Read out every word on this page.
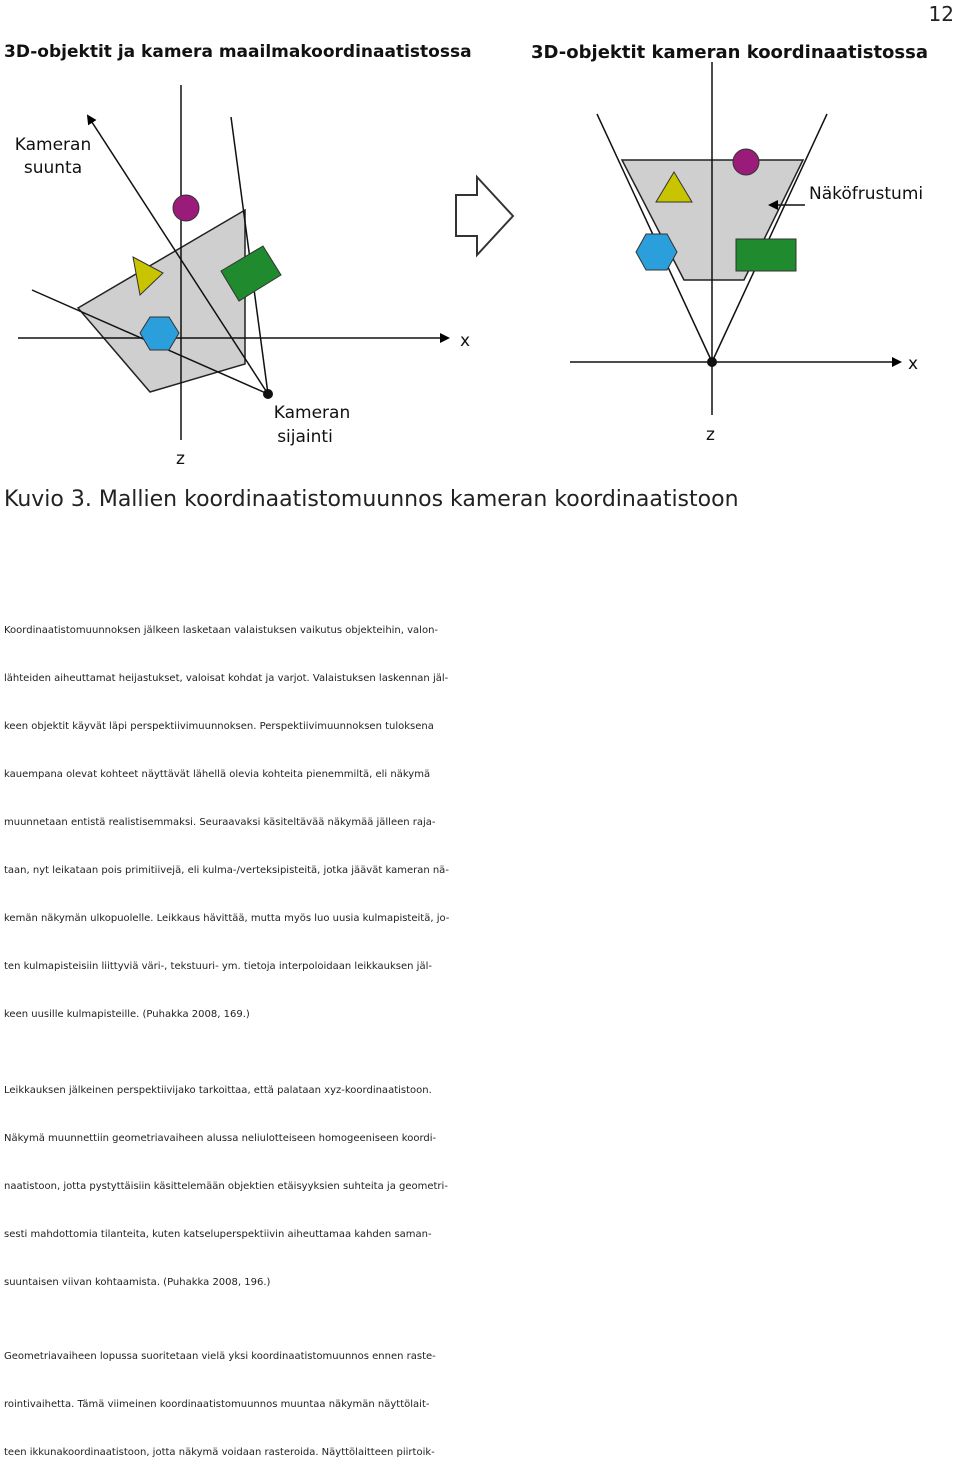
12
3D-objektit ja kamera maailmakoordinaatistossa	3D-objektit kameran koordinaatistossa
Kameran
suunta
Kameran
sijainti
x
z
Näköfrustumi
x
z
Kuvio 3. Mallien koordinaatistomuunnos kameran koordinaatistoon
Koordinaatistomuunnoksen jälkeen lasketaan valaistuksen vaikutus objekteihin, valon-
lähteiden aiheuttamat heijastukset, valoisat kohdat ja varjot. Valaistuksen laskennan jäl-
keen objektit käyvät läpi perspektiivimuunnoksen. Perspektiivimuunnoksen tuloksena
kauempana olevat kohteet näyttävät lähellä olevia kohteita pienemmiltä, eli näkymä
muunnetaan entistä realistisemmaksi. Seuraavaksi käsiteltävää näkymää jälleen raja-
taan, nyt leikataan pois primitiivejä, eli kulma-/verteksipisteitä, jotka jäävät kameran nä-
kemän näkymän ulkopuolelle. Leikkaus hävittää, mutta myös luo uusia kulmapisteitä, jo-
ten kulmapisteisiin liittyviä väri-, tekstuuri- ym. tietoja interpoloidaan leikkauksen jäl-
keen uusille kulmapisteille. (Puhakka 2008, 169.)
Leikkauksen jälkeinen perspektiivijako tarkoittaa, että palataan xyz-koordinaatistoon.
Näkymä muunnettiin geometriavaiheen alussa neliulotteiseen homogeeniseen koordi-
naatistoon, jotta pystyttäisiin käsittelemään objektien etäisyyksien suhteita ja geometri-
sesti mahdottomia tilanteita, kuten katseluperspektiivin aiheuttamaa kahden saman-
suuntaisen viivan kohtaamista. (Puhakka 2008, 196.)
Geometriavaiheen lopussa suoritetaan vielä yksi koordinaatistomuunnos ennen raste-
rointivaihetta. Tämä viimeinen koordinaatistomuunnos muuntaa näkymän näyttölait-
teen ikkunakoordinaatistoon, jotta näkymä voidaan rasteroida. Näyttölaitteen piirtoik-
